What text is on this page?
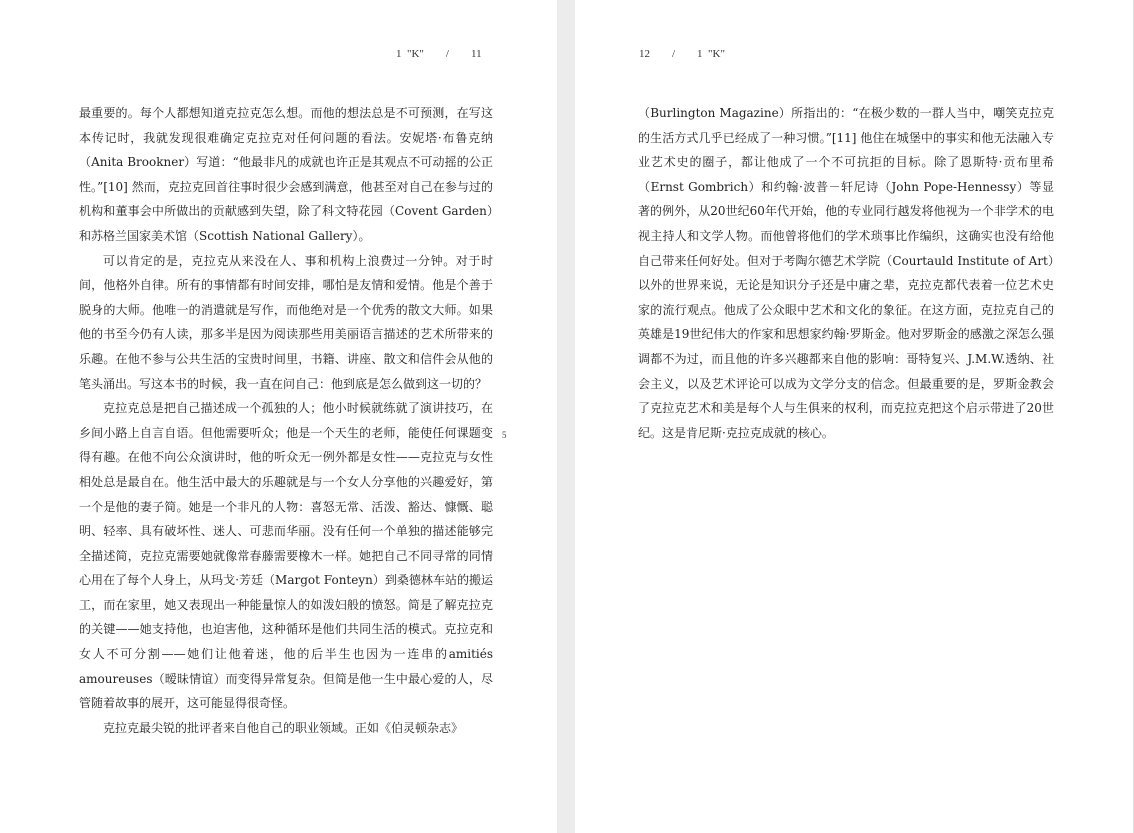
1  "K"        /        11

最重要的。每个人都想知道克拉克怎么想。而他的想法总是不可预测，在写这本传记时，我就发现很难确定克拉克对任何问题的看法。安妮塔·布鲁克纳（Anita Brookner）写道：“他最非凡的成就也许正是其观点不可动摇的公正性。”[10] 然而，克拉克回首往事时很少会感到满意，他甚至对自己在参与过的机构和董事会中所做出的贡献感到失望，除了科文特花园（Covent Garden）和苏格兰国家美术馆（Scottish National Gallery）。

可以肯定的是，克拉克从来没在人、事和机构上浪费过一分钟。对于时间，他格外自律。所有的事情都有时间安排，哪怕是友情和爱情。他是个善于脱身的大师。他唯一的消遣就是写作，而他绝对是一个优秀的散文大师。如果他的书至今仍有人读，那多半是因为阅读那些用美丽语言描述的艺术所带来的乐趣。在他不参与公共生活的宝贵时间里，书籍、讲座、散文和信件会从他的笔头涌出。写这本书的时候，我一直在问自己：他到底是怎么做到这一切的？

克拉克总是把自己描述成一个孤独的人；他小时候就练就了演讲技巧，在乡间小路上自言自语。但他需要听众；他是一个天生的老师，能使任何课题变得有趣。在他不向公众演讲时，他的听众无一例外都是女性——克拉克与女性相处总是最自在。他生活中最大的乐趣就是与一个女人分享他的兴趣爱好，第一个是他的妻子简。她是一个非凡的人物：喜怒无常、活泼、豁达、慷慨、聪明、轻率、具有破坏性、迷人、可悲而华丽。没有任何一个单独的描述能够完全描述简，克拉克需要她就像常春藤需要橡木一样。她把自己不同寻常的同情心用在了每个人身上，从玛戈·芳廷（Margot Fonteyn）到桑德林车站的搬运工，而在家里，她又表现出一种能量惊人的如泼妇般的愤怒。简是了解克拉克的关键——她支持他，也迫害他，这种循环是他们共同生活的模式。克拉克和女人不可分割——她们让他着迷，他的后半生也因为一连串的amitiés amoureuses（暧昧情谊）而变得异常复杂。但简是他一生中最心爱的人，尽管随着故事的展开，这可能显得很奇怪。

克拉克最尖锐的批评者来自他自己的职业领域。正如《伯灵顿杂志》

5
12        /        1  "K"

（Burlington Magazine）所指出的：“在极少数的一群人当中，嘲笑克拉克的生活方式几乎已经成了一种习惯。”[11] 他住在城堡中的事实和他无法融入专业艺术史的圈子，都让他成了一个不可抗拒的目标。除了恩斯特·贡布里希（Ernst Gombrich）和约翰·波普－轩尼诗（John Pope-Hennessy）等显著的例外，从20世纪60年代开始，他的专业同行越发将他视为一个非学术的电视主持人和文学人物。而他曾将他们的学术琐事比作编织，这确实也没有给他自己带来任何好处。但对于考陶尔德艺术学院（Courtauld Institute of Art）以外的世界来说，无论是知识分子还是中庸之辈，克拉克都代表着一位艺术史家的流行观点。他成了公众眼中艺术和文化的象征。在这方面，克拉克自己的英雄是19世纪伟大的作家和思想家约翰·罗斯金。他对罗斯金的感激之深怎么强调都不为过，而且他的许多兴趣都来自他的影响：哥特复兴、J.M.W.透纳、社会主义，以及艺术评论可以成为文学分支的信念。但最重要的是，罗斯金教会了克拉克艺术和美是每个人与生俱来的权利，而克拉克把这个启示带进了20世纪。这是肯尼斯·克拉克成就的核心。
